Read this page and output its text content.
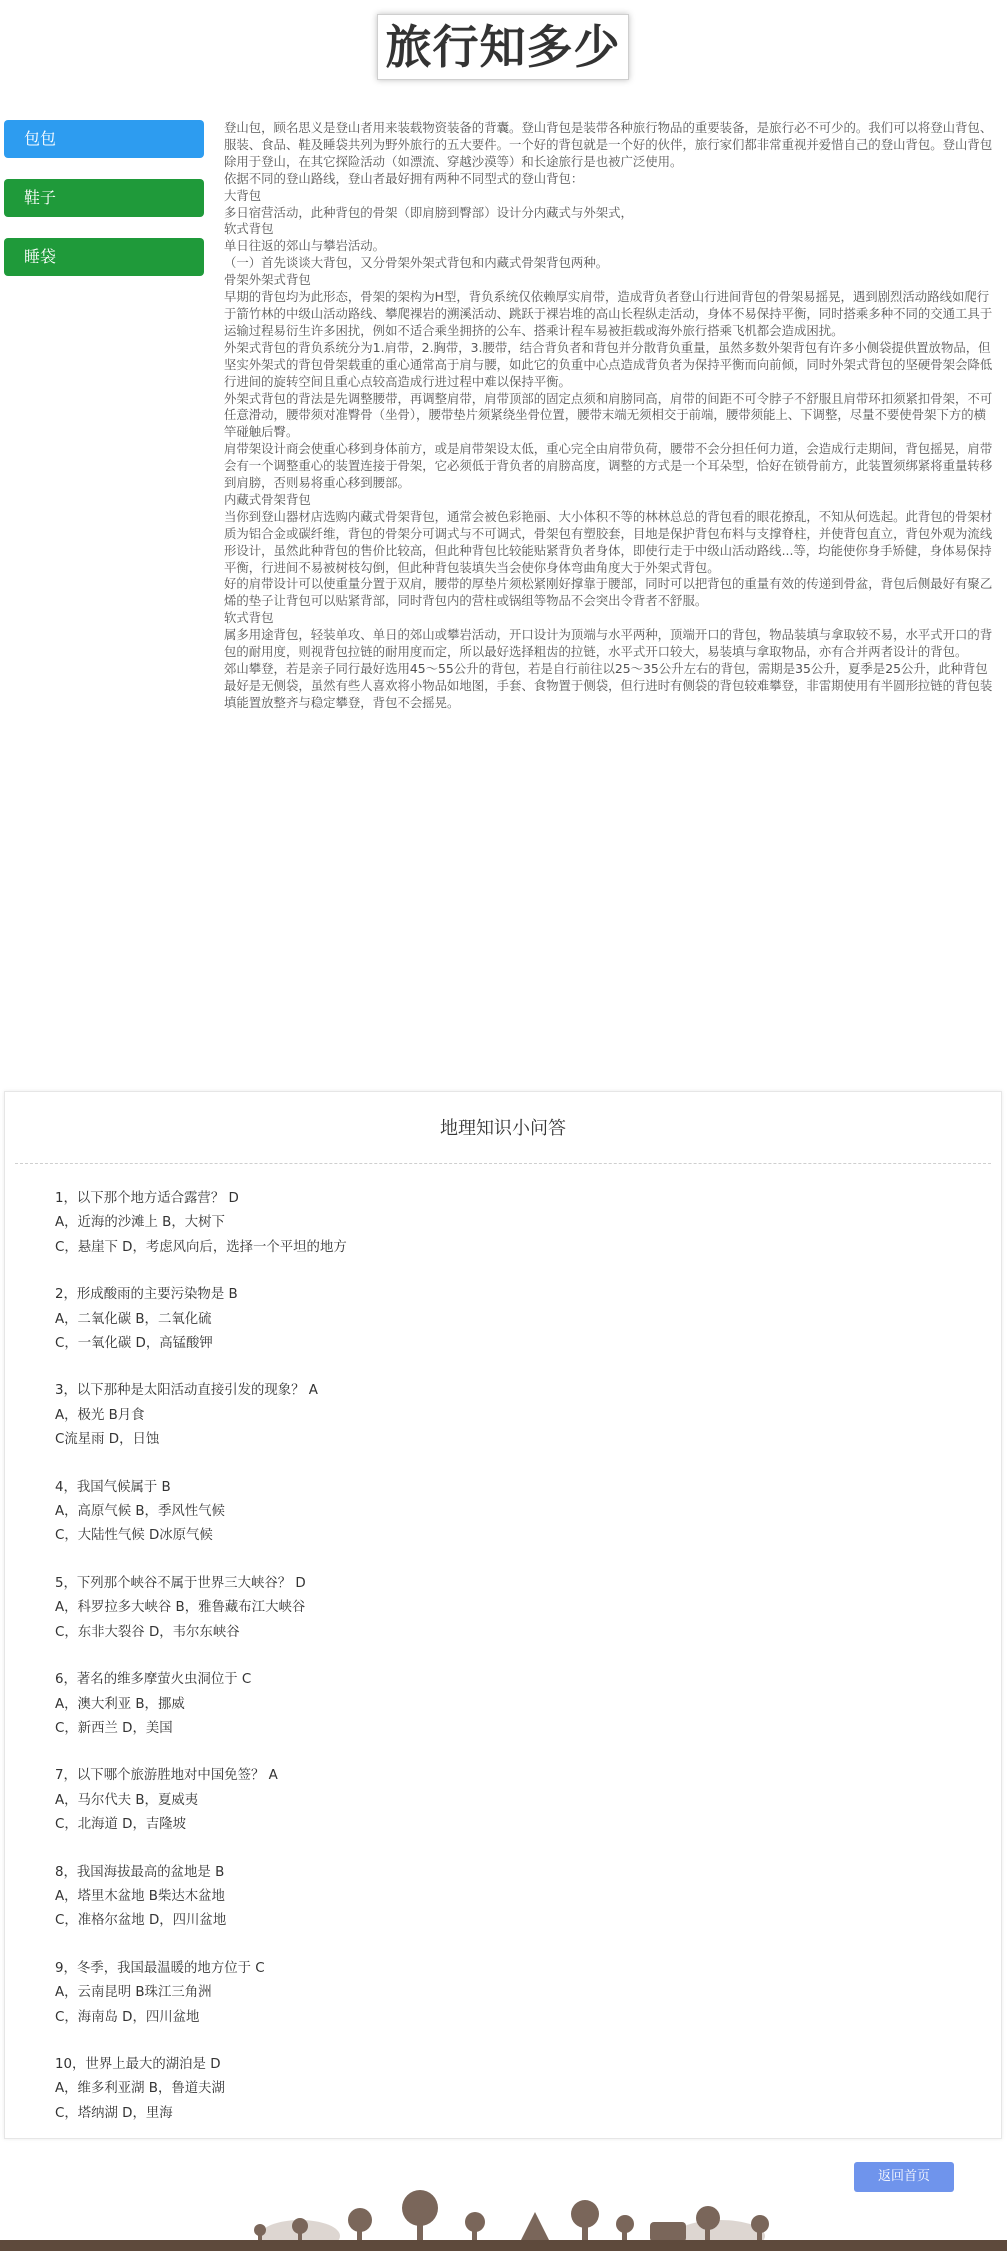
旅行知多少
包包
鞋子
睡袋

登山包，顾名思义是登山者用来装载物资装备的背囊。登山背包是装带各种旅行物品的重要装备，是旅行必不可少的。我们可以将登山背包、服装、食品、鞋及睡袋共列为野外旅行的五大要件。一个好的背包就是一个好的伙伴，旅行家们都非常重视并爱惜自己的登山背包。登山背包除用于登山，在其它探险活动（如漂流、穿越沙漠等）和长途旅行是也被广泛使用。

依据不同的登山路线，登山者最好拥有两种不同型式的登山背包：

大背包

多日宿营活动，此种背包的骨架（即肩膀到臀部）设计分内藏式与外架式，

软式背包

单日往返的郊山与攀岩活动。

（一）首先谈谈大背包，又分骨架外架式背包和内藏式骨架背包两种。

骨架外架式背包

早期的背包均为此形态，骨架的架构为H型，背负系统仅依赖厚实肩带，造成背负者登山行进间背包的骨架易摇晃，遇到剧烈活动路线如爬行于箭竹林的中级山活动路线、攀爬裸岩的溯溪活动、跳跃于裸岩堆的高山长程纵走活动，身体不易保持平衡，同时搭乘多种不同的交通工具于运输过程易衍生许多困扰，例如不适合乘坐拥挤的公车、搭乘计程车易被拒载或海外旅行搭乘飞机都会造成困扰。

外架式背包的背负系统分为1.肩带，2.胸带，3.腰带，结合背负者和背包并分散背负重量，虽然多数外架背包有许多小侧袋提供置放物品，但坚实外架式的背包骨架载重的重心通常高于肩与腰，如此它的负重中心点造成背负者为保持平衡而向前倾，同时外架式背包的坚硬骨架会降低行进间的旋转空间且重心点较高造成行进过程中难以保持平衡。

外架式背包的背法是先调整腰带，再调整肩带，肩带顶部的固定点须和肩膀同高，肩带的间距不可令脖子不舒服且肩带环扣须紧扣骨架，不可任意滑动，腰带须对准臀骨（坐骨），腰带垫片须紧绕坐骨位置，腰带末端无须相交于前端，腰带须能上、下调整，尽量不要使骨架下方的横竿碰触后臀。

肩带架设计商会使重心移到身体前方，或是肩带架设太低，重心完全由肩带负荷，腰带不会分担任何力道，会造成行走期间，背包摇晃，肩带会有一个调整重心的装置连接于骨架，它必须低于背负者的肩膀高度，调整的方式是一个耳朵型，恰好在锁骨前方，此装置须绑紧将重量转移到肩膀，否则易将重心移到腰部。

内藏式骨架背包

当你到登山器材店选购内藏式骨架背包，通常会被色彩艳丽、大小体积不等的林林总总的背包看的眼花撩乱，不知从何选起。此背包的骨架材质为铝合金或碳纤维，背包的骨架分可调式与不可调式，骨架包有塑胶套，目地是保护背包布料与支撑脊柱，并使背包直立，背包外观为流线形设计，虽然此种背包的售价比较高，但此种背包比较能贴紧背负者身体，即使行走于中级山活动路线...等，均能使你身手矫健，身体易保持平衡，行进间不易被树枝勾倒，但此种背包装填失当会使你身体弯曲角度大于外架式背包。

好的肩带设计可以使重量分置于双肩，腰带的厚垫片须松紧刚好撑靠于腰部，同时可以把背包的重量有效的传递到骨盆，背包后侧最好有聚乙烯的垫子让背包可以贴紧背部，同时背包内的营柱或锅组等物品不会突出令背者不舒服。

软式背包

属多用途背包，轻装单攻、单日的郊山或攀岩活动，开口设计为顶端与水平两种，顶端开口的背包，物品装填与拿取较不易，水平式开口的背包的耐用度，则视背包拉链的耐用度而定，所以最好选择粗齿的拉链，水平式开口较大，易装填与拿取物品，亦有合并两者设计的背包。

郊山攀登，若是亲子同行最好选用45～55公升的背包，若是自行前往以25～35公升左右的背包，需期是35公升，夏季是25公升，此种背包最好是无侧袋，虽然有些人喜欢将小物品如地图，手套、食物置于侧袋，但行进时有侧袋的背包较难攀登，非雷期使用有半圆形拉链的背包装填能置放整齐与稳定攀登，背包不会摇晃。

地理知识小问答
1，以下那个地方适合露营？ D
A，近海的沙滩上 B，大树下
C，悬崖下 D，考虑风向后，选择一个平坦的地方
2，形成酸雨的主要污染物是 B
A，二氧化碳 B，二氧化硫
C，一氧化碳 D，高锰酸钾
3，以下那种是太阳活动直接引发的现象？ A
A，极光 B月食
C流星雨 D，日蚀
4，我国气候属于 B
A，高原气候 B，季风性气候
C，大陆性气候 D冰原气候
5，下列那个峡谷不属于世界三大峡谷？ D
A，科罗拉多大峡谷 B，雅鲁藏布江大峡谷
C，东非大裂谷 D，韦尔东峡谷
6，著名的维多摩萤火虫洞位于 C
A，澳大利亚 B，挪威
C，新西兰 D，美国
7，以下哪个旅游胜地对中国免签？ A
A，马尔代夫 B，夏威夷
C，北海道 D，吉隆坡
8，我国海拔最高的盆地是 B
A，塔里木盆地 B柴达木盆地
C，准格尔盆地 D，四川盆地
9，冬季，我国最温暖的地方位于 C
A，云南昆明 B珠江三角洲
C，海南岛 D，四川盆地
10，世界上最大的湖泊是 D
A，维多利亚湖 B，鲁道夫湖
C，塔纳湖 D，里海
返回首页
